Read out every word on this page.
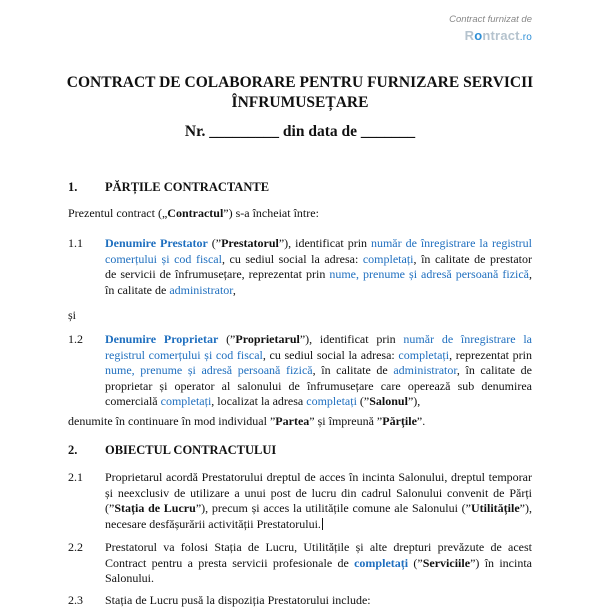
Contract furnizat de
Rontract.ro
CONTRACT DE COLABORARE PENTRU FURNIZARE SERVICII
ÎNFRUMUSEȚARE
Nr. _________ din data de _______
1. PĂRȚILE CONTRACTANTE
Prezentul contract („Contractul”) s-a încheiat între:
1.1 Denumire Prestator (”Prestatorul”), identificat prin număr de înregistrare la registrul
comerțului și cod fiscal, cu sediul social la adresa: completați, în calitate de prestator
de servicii de înfrumusețare, reprezentat prin nume, prenume și adresă persoană fizică,
în calitate de administrator,
și
1.2 Denumire Proprietar (”Proprietarul”), identificat prin număr de înregistrare la
registrul comerțului și cod fiscal, cu sediul social la adresa: completați, reprezentat prin
nume, prenume și adresă persoană fizică, în calitate de administrator, în calitate de
proprietar și operator al salonului de înfrumusețare care operează sub denumirea
comercială completați, localizat la adresa completați (”Salonul”),
denumite în continuare în mod individual ”Partea” și împreună ”Părțile”.
2. OBIECTUL CONTRACTULUI
2.1 Proprietarul acordă Prestatorului dreptul de acces în incinta Salonului, dreptul temporar
și neexclusiv de utilizare a unui post de lucru din cadrul Salonului convenit de Părți
(”Stația de Lucru”), precum și acces la utilitățile comune ale Salonului (”Utilitățile”),
necesare desfășurării activității Prestatorului.
2.2 Prestatorul va folosi Stația de Lucru, Utilitățile și alte drepturi prevăzute de acest
Contract pentru a presta servicii profesionale de completați (”Serviciile”) în incinta
Salonului.
2.3 Stația de Lucru pusă la dispoziția Prestatorului include:
